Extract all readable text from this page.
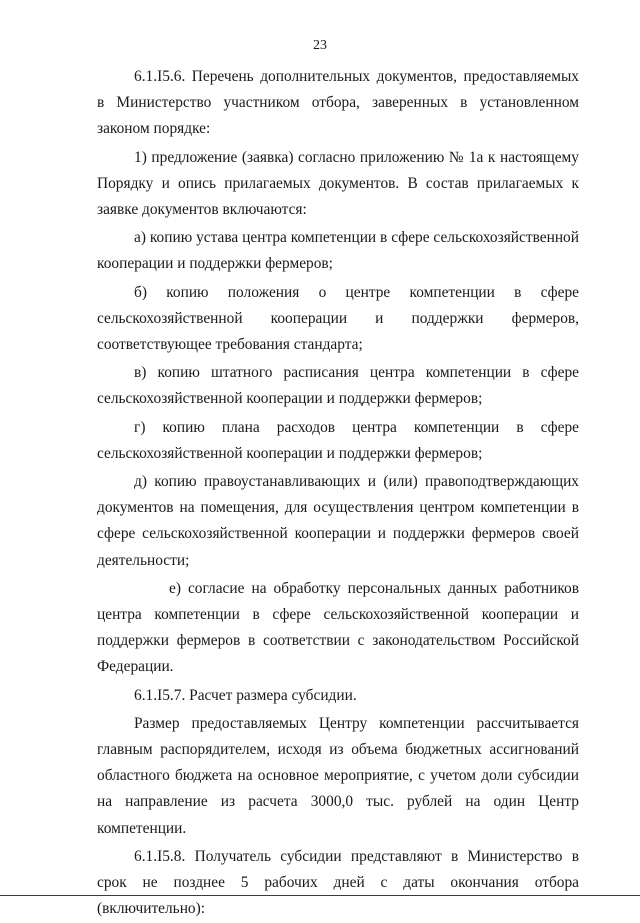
23

6.1.I5.6. Перечень дополнительных документов, предоставляемых в Министерство участником отбора, заверенных в установленном законом порядке:

1) предложение (заявка) согласно приложению № 1а к настоящему Порядку и опись прилагаемых документов. В состав прилагаемых к заявке документов включаются:

а) копию устава центра компетенции в сфере сельскохозяйственной кооперации и поддержки фермеров;

б) копию положения о центре компетенции в сфере сельскохозяйственной кооперации и поддержки фермеров, соответствующее требования стандарта;

в) копию штатного расписания центра компетенции в сфере сельскохозяйственной кооперации и поддержки фермеров;

г) копию плана расходов центра компетенции в сфере сельскохозяйственной кооперации и поддержки фермеров;

д) копию правоустанавливающих и (или) правоподтверждающих документов на помещения, для осуществления центром компетенции в сфере сельскохозяйственной кооперации и поддержки фермеров своей деятельности;

е) согласие на обработку персональных данных работников центра компетенции в сфере сельскохозяйственной кооперации и поддержки фермеров в соответствии с законодательством Российской Федерации.

6.1.I5.7. Расчет размера субсидии.

Размер предоставляемых Центру компетенции рассчитывается главным распорядителем, исходя из объема бюджетных ассигнований областного бюджета на основное мероприятие, с учетом доли субсидии на направление из расчета 3000,0 тыс. рублей на один Центр компетенции.

6.1.I5.8. Получатель субсидии представляют в Министерство в срок не позднее 5 рабочих дней с даты окончания отбора (включительно):
